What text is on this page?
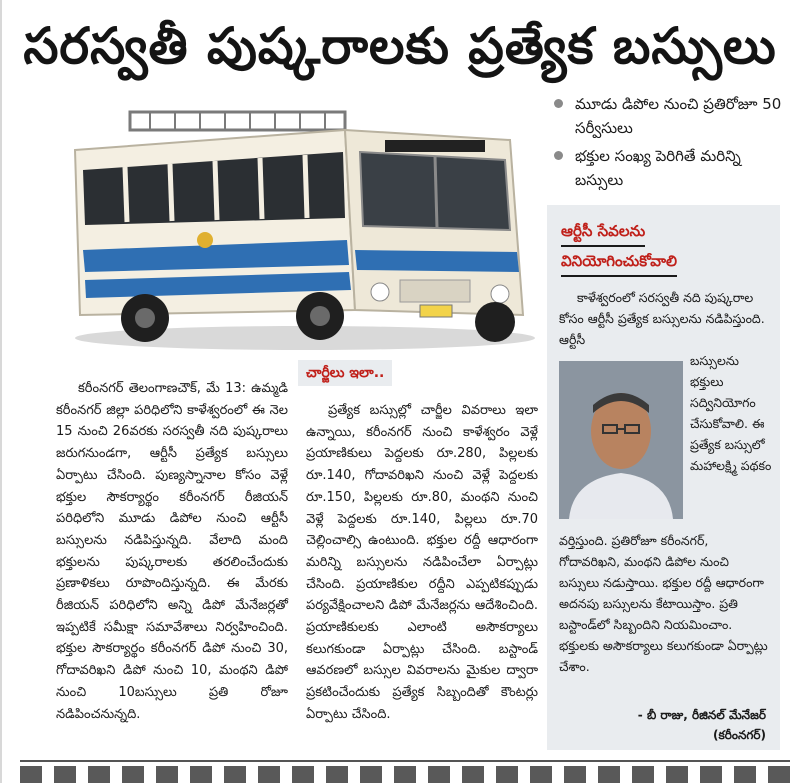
సరస్వతీ పుష్కరాలకు ప్రత్యేక బస్సులు
మూడు డిపోల నుంచి ప్రతిరోజూ 50 సర్వీసులు
భక్తుల సంఖ్య పెరిగితే మరిన్ని బస్సులు
ఆర్టీసీ సేవలను
వినియోగించుకోవాలి

కాళేశ్వరంలో సరస్వతీ నది పుష్కరాల కోసం ఆర్టీసీ ప్రత్యేక బస్సులను నడిపిస్తుంది. ఆర్టీసీ

బస్సులను భక్తులు సద్వినియోగం చేసుకోవాలి. ఈ ప్రత్యేక బస్సులో మహాలక్ష్మి పథకం

వర్తిస్తుంది. ప్రతిరోజూ కరీంనగర్, గోదావరిఖని, మంథని డిపోల నుంచి బస్సులు నడుస్తాయి. భక్తుల రద్దీ ఆధారంగా అదనపు బస్సులను కేటాయిస్తాం. ప్రతి బస్టాండ్‌లో సిబ్బందిని నియమించాం. భక్తులకు అసౌకర్యాలు కలుగకుండా ఏర్పాట్లు చేశాం.

- బీ రాజు, రీజినల్ మేనేజర్
(కరీంనగర్)

కరీంనగర్ తెలంగాణచౌక్, మే 13: ఉమ్మడి కరీంనగర్ జిల్లా పరిధిలోని కాళేశ్వరంలో ఈ నెల 15 నుంచి 26వరకు సరస్వతీ నది పుష్కరాలు జరుగనుండగా, ఆర్టీసీ ప్రత్యేక బస్సులు ఏర్పాటు చేసింది. పుణ్యస్నానాల కోసం వెళ్లే భక్తుల సౌకర్యార్థం కరీంనగర్ రీజియన్ పరిధిలోని మూడు డిపోల నుంచి ఆర్టీసీ బస్సులను నడిపిస్తున్నది. వేలాది మంది భక్తులను పుష్కరాలకు తరలించేందుకు ప్రణాళికలు రూపొందిస్తున్నది. ఈ మేరకు రీజియన్ పరిధిలోని అన్ని డిపో మేనేజర్లతో ఇప్పటికే సమీక్షా సమావేశాలు నిర్వహించింది. భక్తుల సౌకర్యార్థం కరీంనగర్ డిపో నుంచి 30, గోదావరిఖని డిపో నుంచి 10, మంథని డిపో నుంచి 10బస్సులు ప్రతి రోజూ నడిపించనున్నది.

చార్జీలు ఇలా..

ప్రత్యేక బస్సుల్లో చార్జీల వివరాలు ఇలా ఉన్నాయి, కరీంనగర్ నుంచి కాళేశ్వరం వెళ్లే ప్రయాణికులు పెద్దలకు రూ.280, పిల్లలకు రూ.140, గోదావరిఖని నుంచి వెళ్లే పెద్దలకు రూ.150, పిల్లలకు రూ.80, మంథని నుంచి వెళ్లే పెద్దలకు రూ.140, పిల్లలు రూ.70 చెల్లించాల్సి ఉంటుంది. భక్తుల రద్దీ ఆధారంగా మరిన్ని బస్సులను నడిపించేలా ఏర్పాట్లు చేసింది. ప్రయాణికుల రద్దీని ఎప్పటికప్పుడు పర్యవేక్షించాలని డిపో మేనేజర్లను ఆదేశించింది. ప్రయాణికులకు ఎలాంటి అసౌకర్యాలు కలుగకుండా ఏర్పాట్లు చేసింది. బస్టాండ్ ఆవరణలో బస్సుల వివరాలను మైకుల ద్వారా ప్రకటించేందుకు ప్రత్యేక సిబ్బందితో కౌంటర్లు ఏర్పాటు చేసింది.
